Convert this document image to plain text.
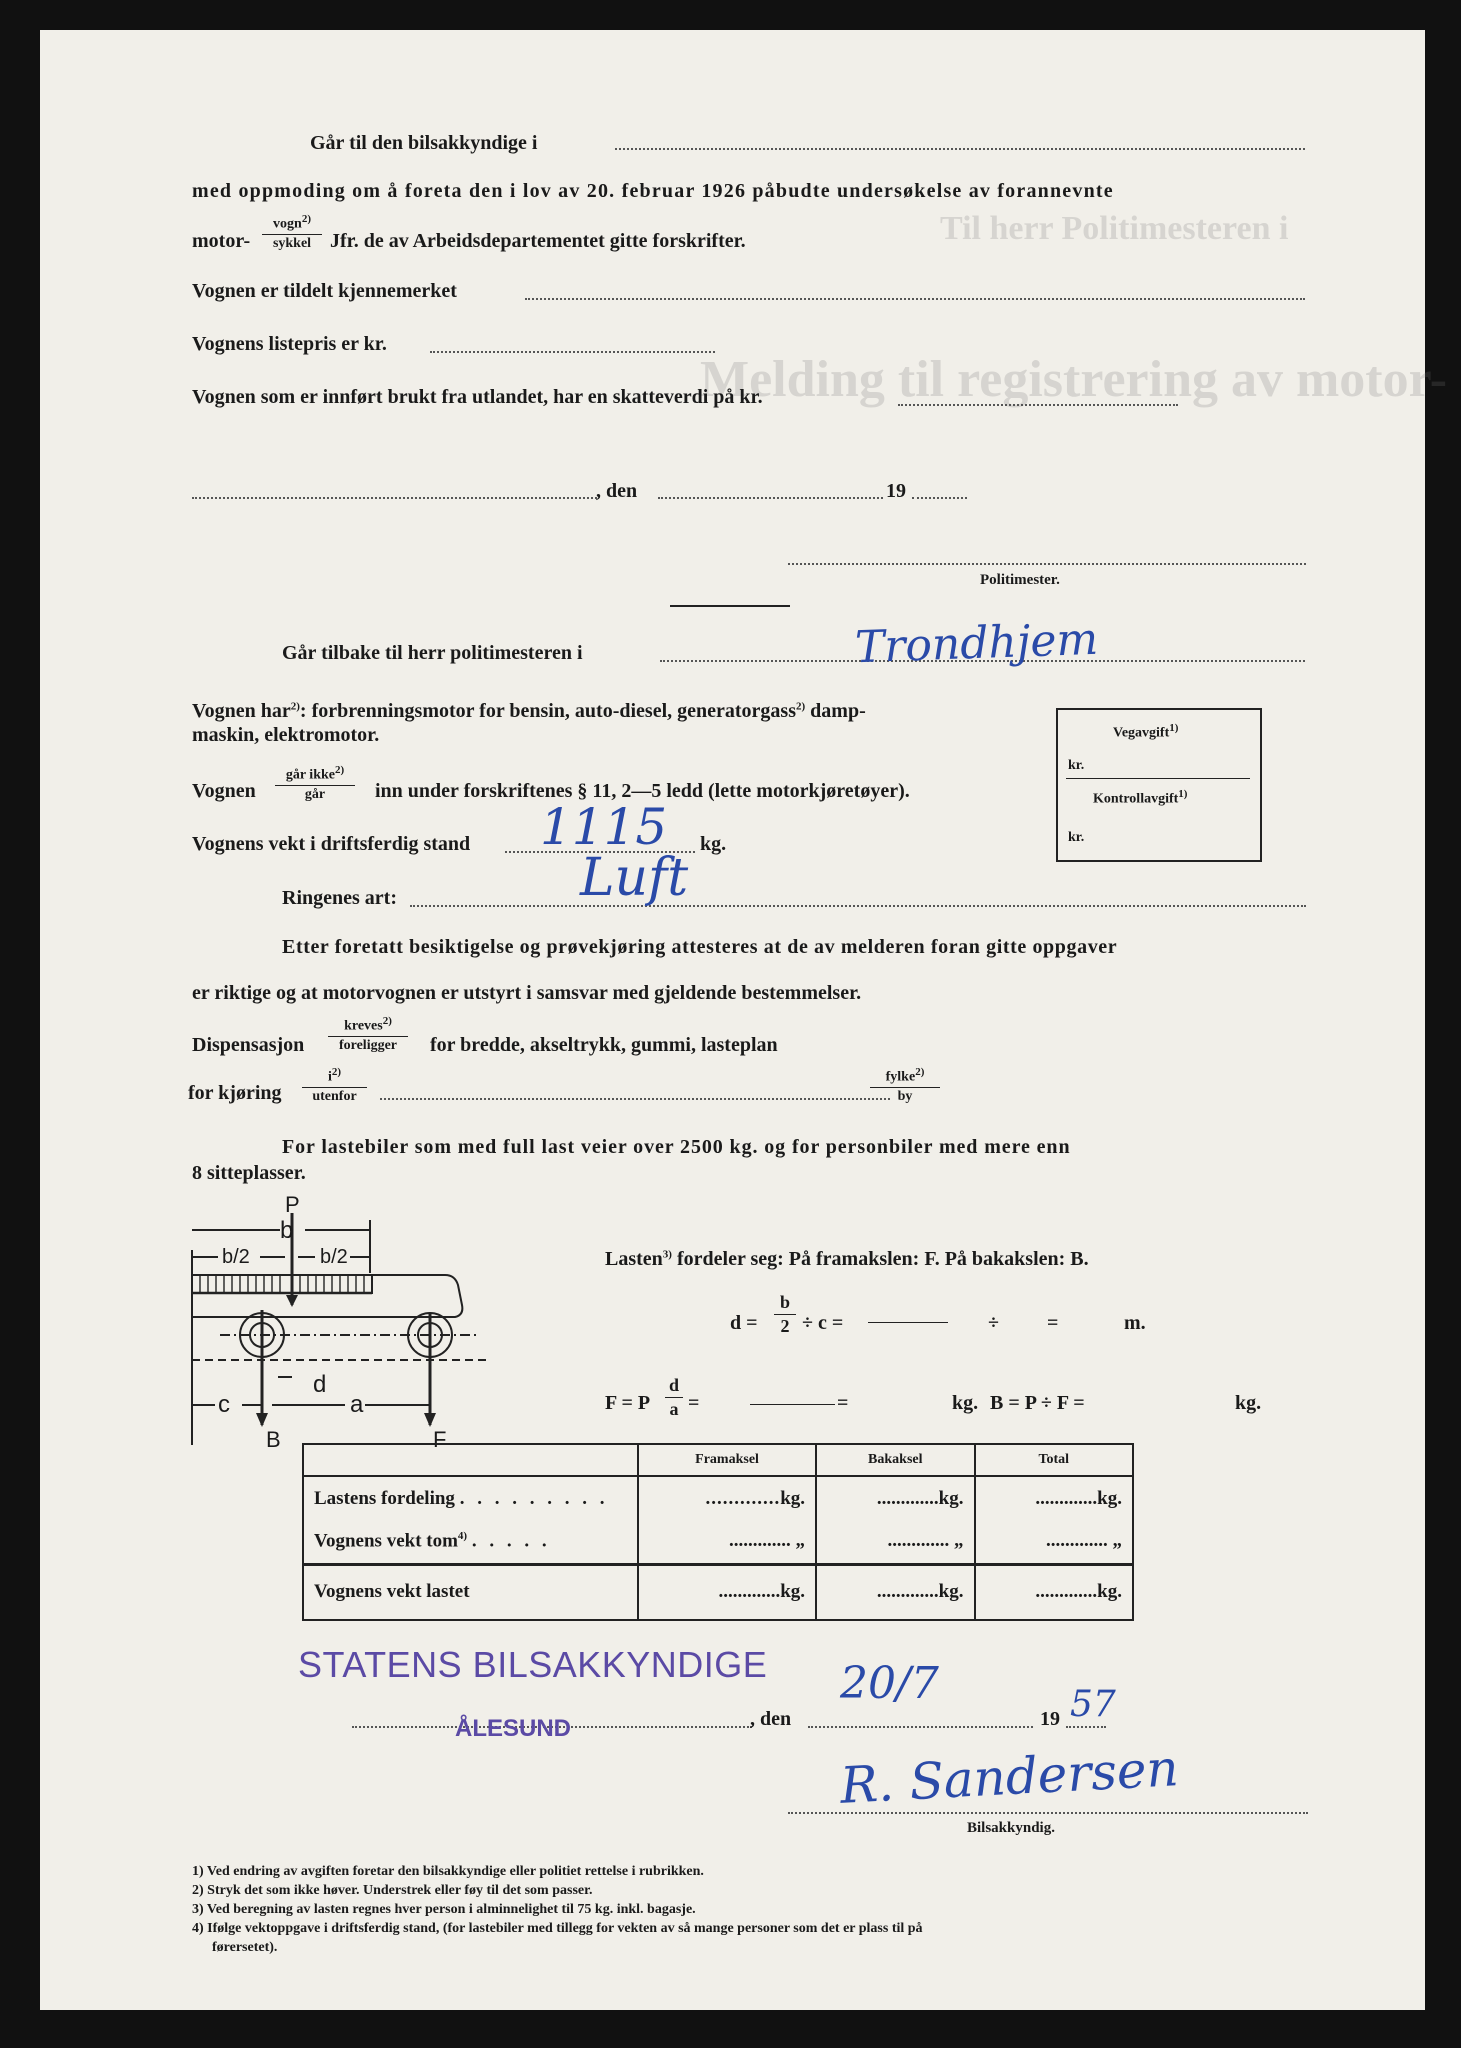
Til herr Politimesteren i
Melding til registrering av motor-
Går til den bilsakkyndige i
med oppmoding om å foreta den i lov av 20. februar 1926 påbudte undersøkelse av forannevnte
motor-
vogn$^{2)}$
sykkel Jfr. de av Arbeidsdepartementet gitte forskrifter.
Vognen er tildelt kjennemerket
Vognens listepris er kr.
Vognen som er innført brukt fra utlandet, har en skatteverdi på kr.
, den	19
Politimester.
Går tilbake til herr politimesteren i	Trondhjem
Vognen har$^{2)}$: forbrenningsmotor for bensin, auto-diesel, generatorgass$^{2)}$ damp-
maskin, elektromotor.
Vognen
går ikke$^{2)}$
går	inn under forskriftenes § 11, 2—5 ledd (lette motorkjøretøyer).
Vognens vekt i driftsferdig stand 1115 kg.
Ringenes art:	Luft
Vegavgift$^{1)}$
kr.
Kontrollavgift$^{1)}$
kr.
Etter foretatt besiktigelse og prøvekjøring attesteres at de av melderen foran gitte oppgaver
er riktige og at motorvognen er utstyrt i samsvar med gjeldende bestemmelser.
Dispensasjon
kreves$^{2)}$
foreligger	for bredde, akseltrykk, gummi, lasteplan
for kjøring
$i^{2)}$
utenfor
fylke$^{2)}$
by
For lastebiler som med full last veier over 2500 kg. og for personbiler med mere enn
8 sitteplasser.
P
b
b/2	b/2
d
c	a
B	F
Lasten$^{3)}$ fordeler seg: På framakslen: F. På bakakslen: B.
$d = \frac{b}{2} \div c$ =	÷ =	m.
F = P $\frac{d}{a}$ =	=	kg. B = P ÷ F =	kg.
	Framaksel	Bakaksel	Total
Lastens fordeling . . . . . . . . .	.............kg.	.............kg.	.............kg.
Vognens vekt tom$^{4)}$ . . . . .	............. „	............. „	............. „
Vognens vekt lastet	.............kg.	.............kg.	.............kg.
STATENS BILSAKKYNDIGE
ÅLESUND	, den
20/7
19 57
R. Sandersen
Bilsakkyndig.
1) Ved endring av avgiften foretar den bilsakkyndige eller politiet rettelse i rubrikken.
2) Stryk det som ikke høver. Understrek eller føy til det som passer.
3) Ved beregning av lasten regnes hver person i alminnelighet til 75 kg. inkl. bagasje.
4) Ifølge vektoppgave i driftsferdig stand, (for lastebiler med tillegg for vekten av så mange personer som det er plass til på
førersetet).
